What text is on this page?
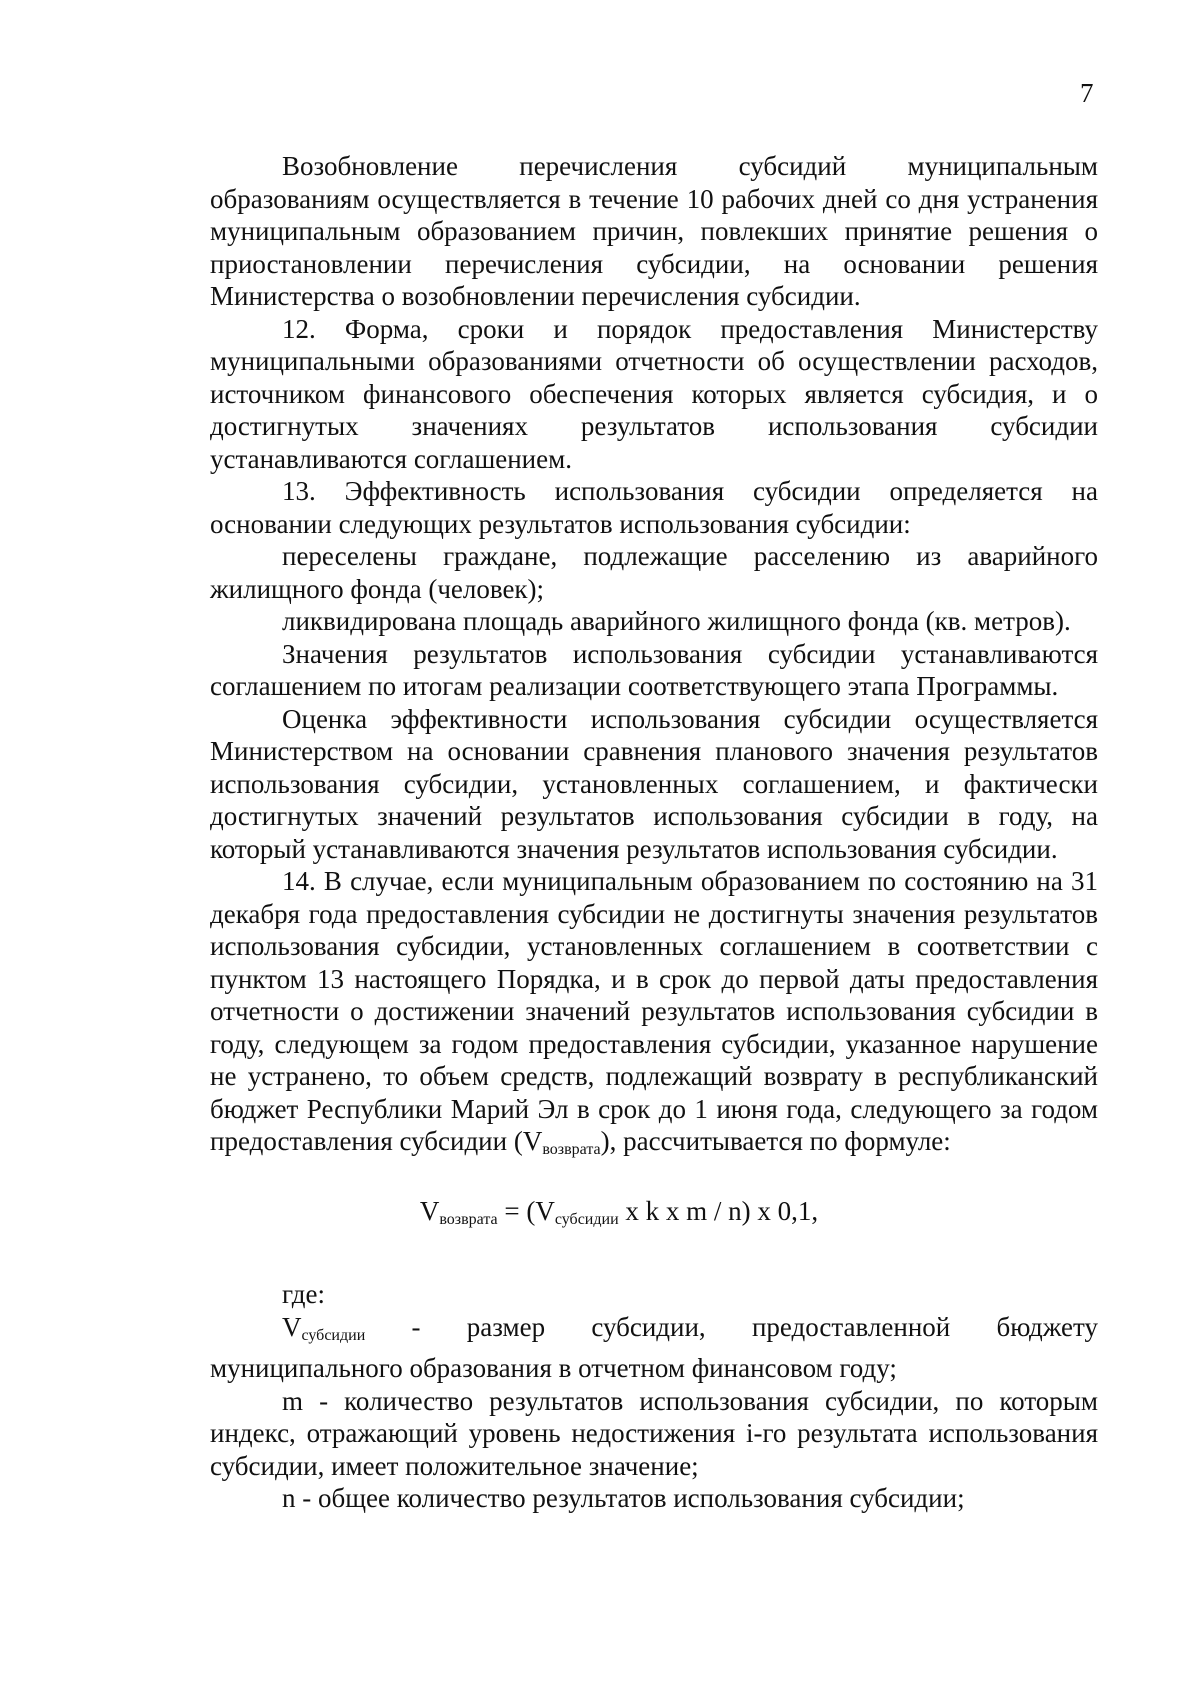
7

Возобновление перечисления субсидий муниципальным образованиям осуществляется в течение 10 рабочих дней со дня устранения муниципальным образованием причин, повлекших принятие решения о приостановлении перечисления субсидии, на основании решения Министерства о возобновлении перечисления субсидии.

12. Форма, сроки и порядок предоставления Министерству муниципальными образованиями отчетности об осуществлении расходов, источником финансового обеспечения которых является субсидия, и о достигнутых значениях результатов использования субсидии устанавливаются соглашением.

13. Эффективность использования субсидии определяется на основании следующих результатов использования субсидии:

переселены граждане, подлежащие расселению из аварийного жилищного фонда (человек);

ликвидирована площадь аварийного жилищного фонда (кв. метров).

Значения результатов использования субсидии устанавливаются соглашением по итогам реализации соответствующего этапа Программы.

Оценка эффективности использования субсидии осуществляется Министерством на основании сравнения планового значения результатов использования субсидии, установленных соглашением, и фактически достигнутых значений результатов использования субсидии в году, на который устанавливаются значения результатов использования субсидии.

14. В случае, если муниципальным образованием по состоянию на 31 декабря года предоставления субсидии не достигнуты значения результатов использования субсидии, установленных соглашением в соответствии с пунктом 13 настоящего Порядка, и в срок до первой даты предоставления отчетности о достижении значений результатов использования субсидии в году, следующем за годом предоставления субсидии, указанное нарушение не устранено, то объем средств, подлежащий возврату в республиканский бюджет Республики Марий Эл в срок до 1 июня года, следующего за годом предоставления субсидии $(V_{возврата})$, рассчитывается по формуле:

$V_{возврата} = (V_{субсидии}$ x k x m / n) x 0,1,

где:

$V_{субсидии}$ - размер субсидии, предоставленной бюджету муниципального образования в отчетном финансовом году;

m - количество результатов использования субсидии, по которым индекс, отражающий уровень недостижения i-го результата использования субсидии, имеет положительное значение;

n - общее количество результатов использования субсидии;
